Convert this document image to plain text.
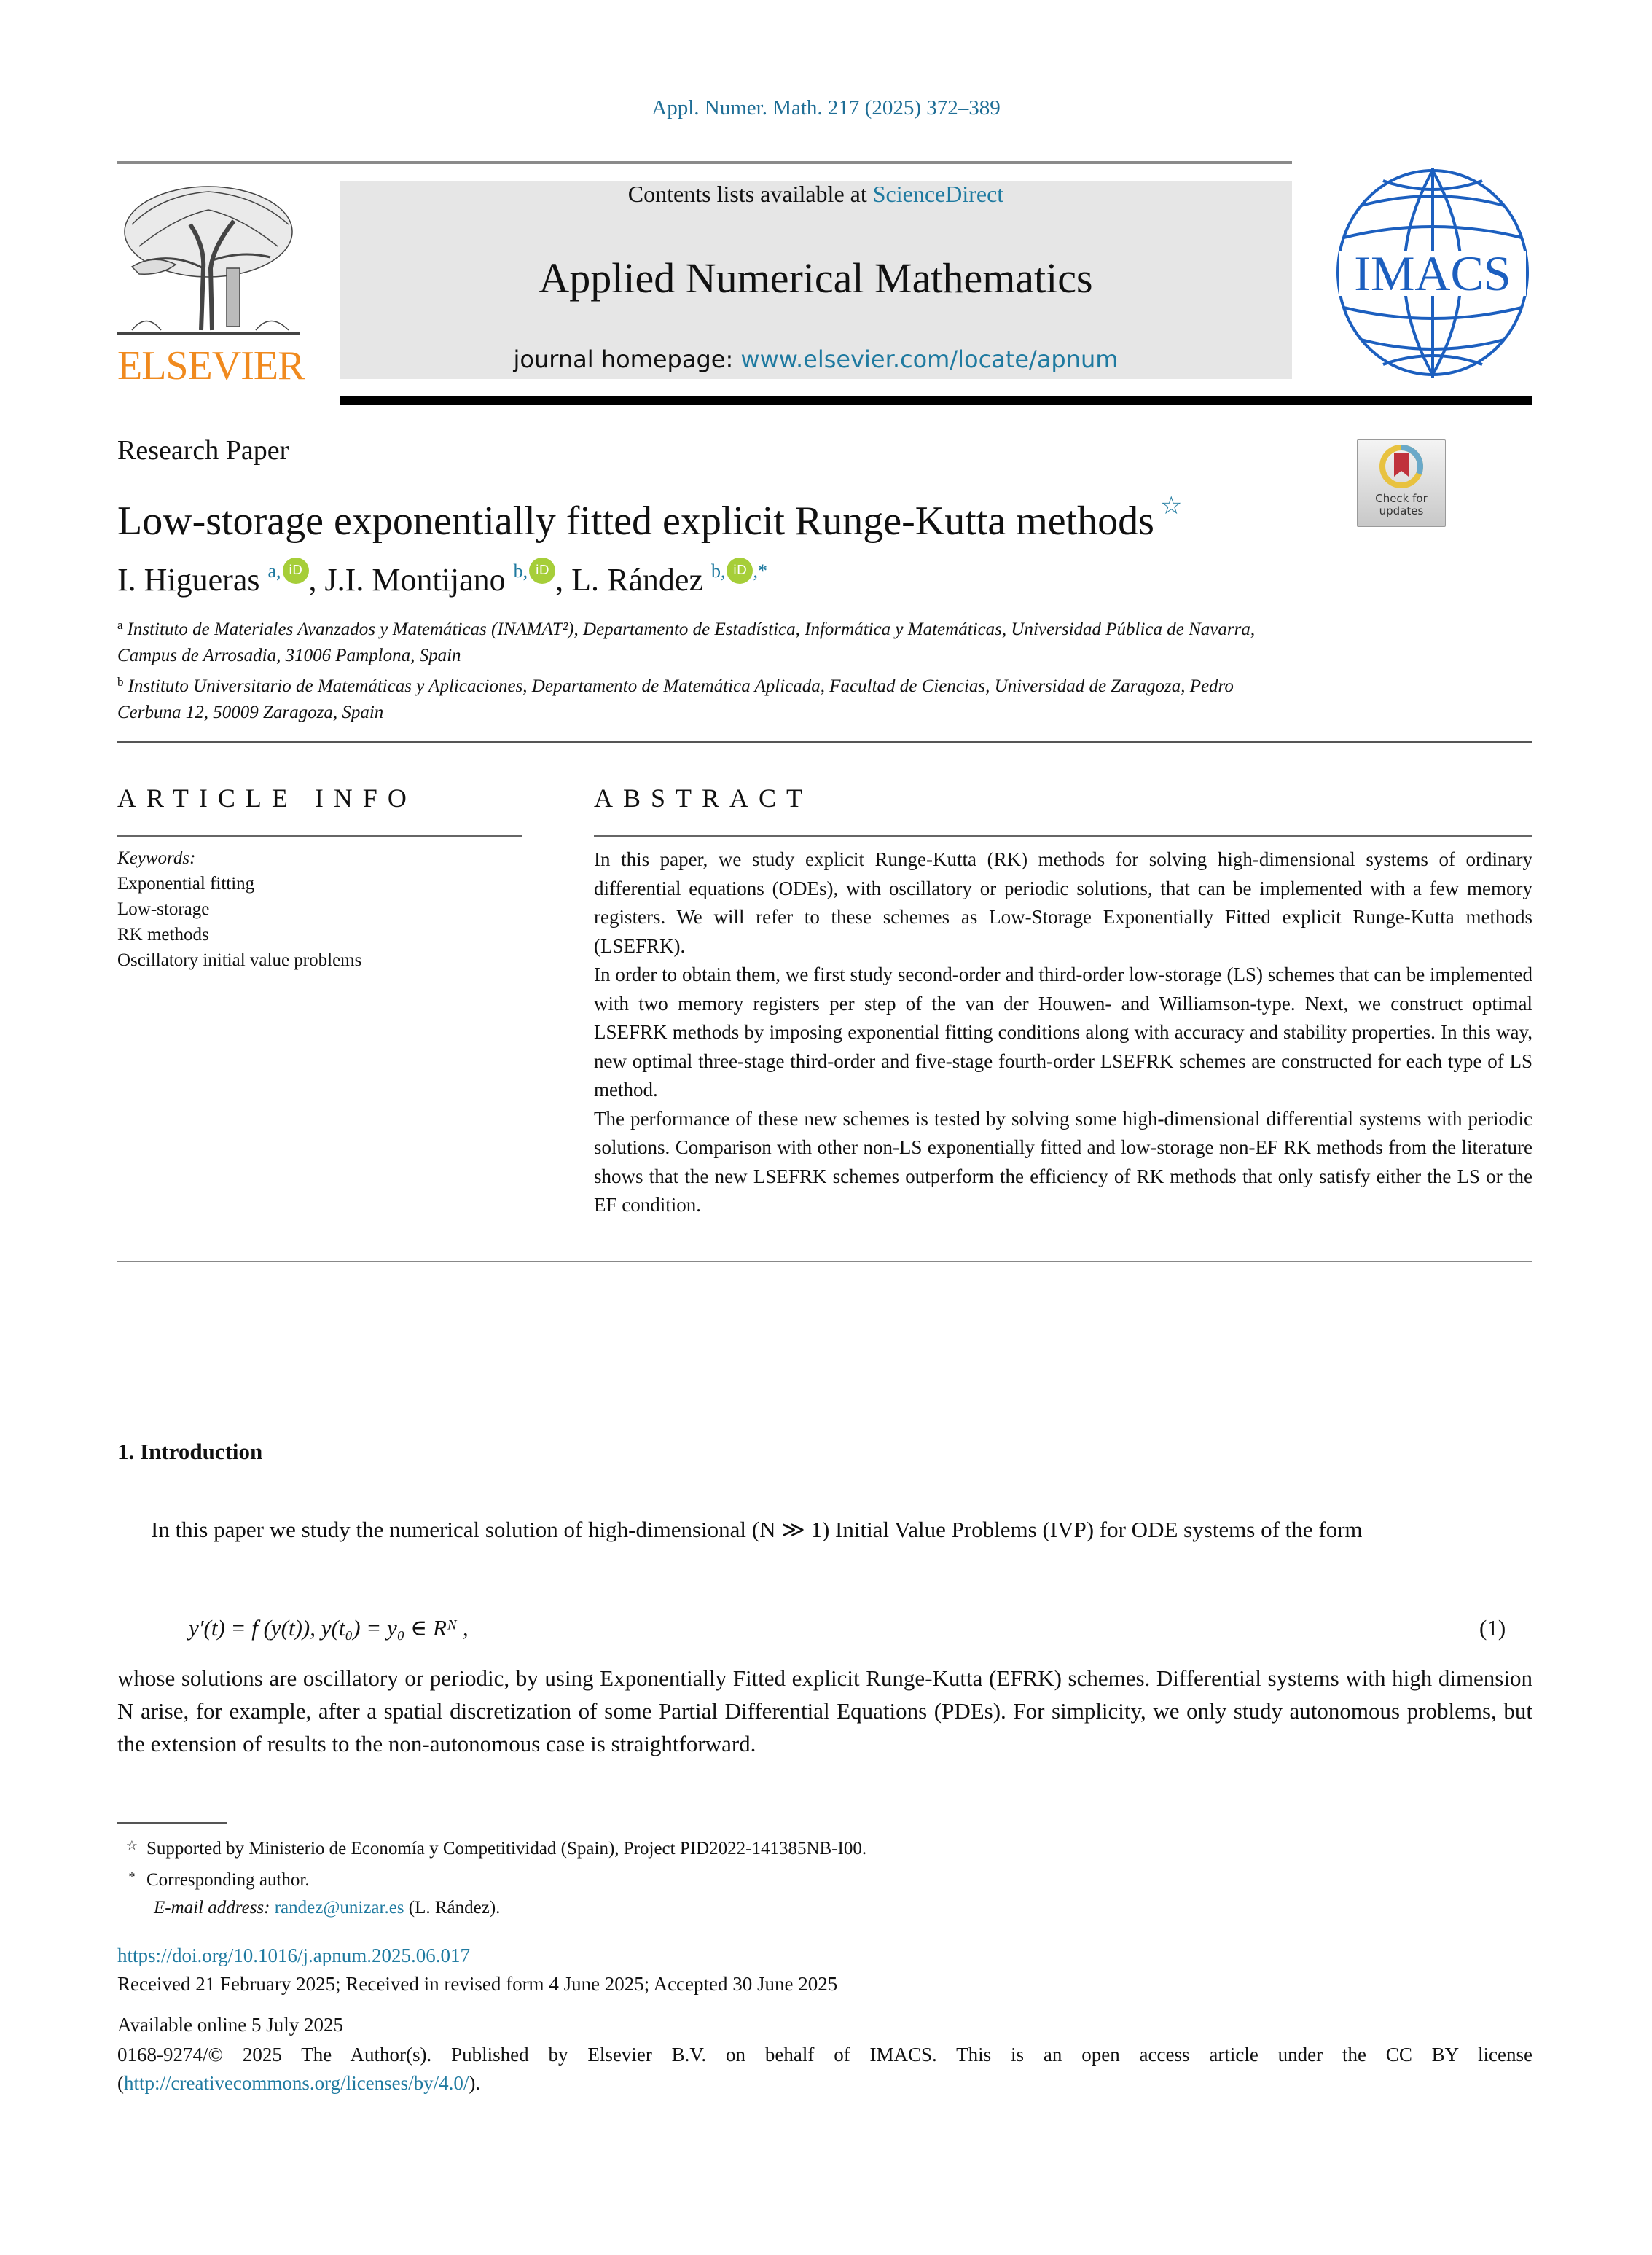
Appl. Numer. Math. 217 (2025) 372–389
ELSEVIER
Contents lists available at ScienceDirect
Applied Numerical Mathematics
journal homepage: www.elsevier.com/locate/apnum
IMACS
Research Paper
Check for
updates
Low-storage exponentially fitted explicit Runge-Kutta methods ☆
I. Higueras $^{a,}$ iD , J.I. Montijano $^{b,}$ iD , L. Rández $^{b,}$ iD ,*
$^a$ Instituto de Materiales Avanzados y Matemáticas (INAMAT²), Departamento de Estadística, Informática y Matemáticas, Universidad Pública de Navarra, Campus de Arrosadia, 31006 Pamplona, Spain
$^b$ Instituto Universitario de Matemáticas y Aplicaciones, Departamento de Matemática Aplicada, Facultad de Ciencias, Universidad de Zaragoza, Pedro Cerbuna 12, 50009 Zaragoza, Spain
ARTICLE INFO
Keywords:
Exponential fitting
Low-storage
RK methods
Oscillatory initial value problems
ABSTRACT

In this paper, we study explicit Runge-Kutta (RK) methods for solving high-dimensional systems of ordinary differential equations (ODEs), with oscillatory or periodic solutions, that can be implemented with a few memory registers. We will refer to these schemes as Low-Storage Exponentially Fitted explicit Runge-Kutta methods (LSEFRK).

In order to obtain them, we first study second-order and third-order low-storage (LS) schemes that can be implemented with two memory registers per step of the van der Houwen- and Williamson-type. Next, we construct optimal LSEFRK methods by imposing exponential fitting conditions along with accuracy and stability properties. In this way, new optimal three-stage third-order and five-stage fourth-order LSEFRK schemes are constructed for each type of LS method.

The performance of these new schemes is tested by solving some high-dimensional differential systems with periodic solutions. Comparison with other non-LS exponentially fitted and low-storage non-EF RK methods from the literature shows that the new LSEFRK schemes outperform the efficiency of RK methods that only satisfy either the LS or the EF condition.

1. Introduction
In this paper we study the numerical solution of high-dimensional (N ≫ 1) Initial Value Problems (IVP) for ODE systems of the form
y′(t) = f (y(t)), y(t₀) = y₀ ∈ Rᴺ ,	(1)
whose solutions are oscillatory or periodic, by using Exponentially Fitted explicit Runge-Kutta (EFRK) schemes. Differential systems with high dimension N arise, for example, after a spatial discretization of some Partial Differential Equations (PDEs). For simplicity, we only study autonomous problems, but the extension of results to the non-autonomous case is straightforward.
☆ Supported by Ministerio de Economía y Competitividad (Spain), Project PID2022-141385NB-I00.
* Corresponding author.
E-mail address: randez@unizar.es (L. Rández).
https://doi.org/10.1016/j.apnum.2025.06.017
Received 21 February 2025; Received in revised form 4 June 2025; Accepted 30 June 2025
Available online 5 July 2025
0168-9274/© 2025 The Author(s). Published by Elsevier B.V. on behalf of IMACS. This is an open access article under the CC BY license (http://creativecommons.org/licenses/by/4.0/).
